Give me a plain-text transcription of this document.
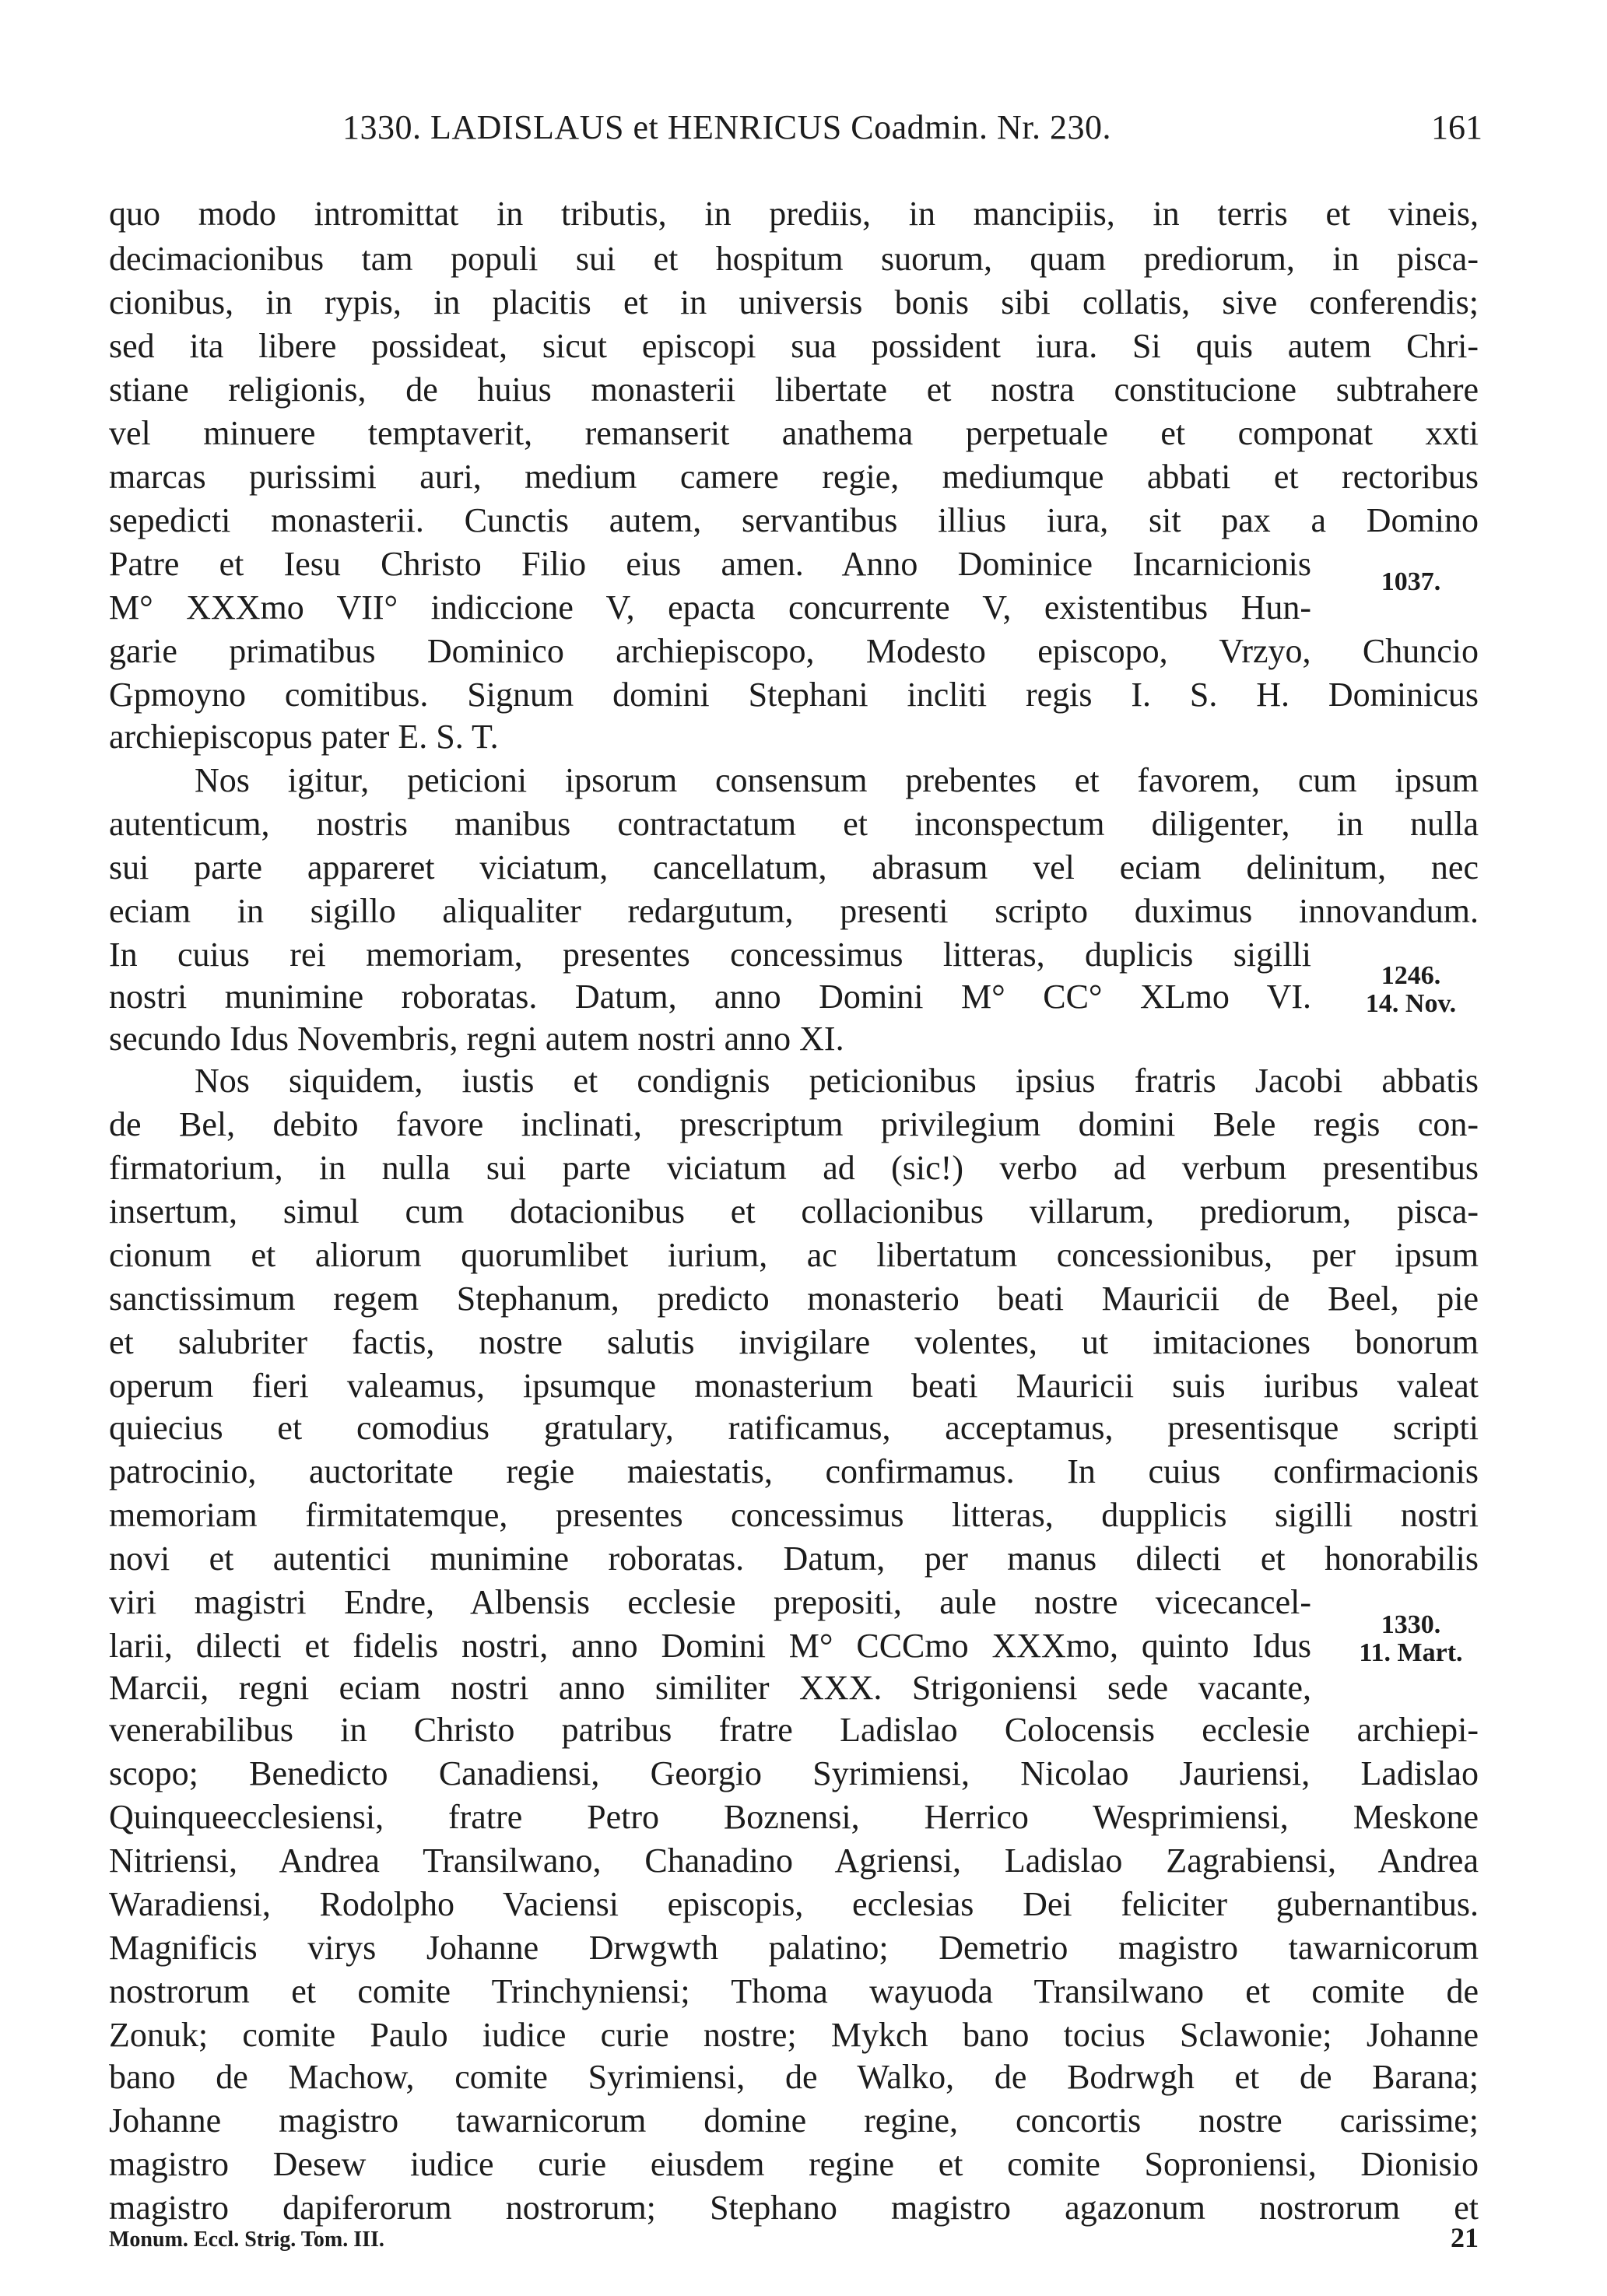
1330. LADISLAUS et HENRICUS Coadmin. Nr. 230.	161
quo modo intromittat in tributis, in prediis, in mancipiis, in terris et vineis,
decimacionibus tam populi sui et hospitum suorum, quam prediorum, in pisca-
cionibus, in rypis, in placitis et in universis bonis sibi collatis, sive conferendis;
sed ita libere possideat, sicut episcopi sua possident iura. Si quis autem Chri-
stiane religionis, de huius monasterii libertate et nostra constitucione subtrahere
vel minuere temptaverit, remanserit anathema perpetuale et componat xxti
marcas purissimi auri, medium camere regie, mediumque abbati et rectoribus
sepedicti monasterii. Cunctis autem, servantibus illius iura, sit pax a Domino
Patre et Iesu Christo Filio eius amen. Anno Dominice Incarnicionis
M° XXXmo VII° indiccione V, epacta concurrente V, existentibus Hun-
garie primatibus Dominico archiepiscopo, Modesto episcopo, Vrzyo, Chuncio
Gpmoyno comitibus. Signum domini Stephani incliti regis I. S. H. Dominicus
archiepiscopus pater E. S. T.
Nos igitur, peticioni ipsorum consensum prebentes et favorem, cum ipsum
autenticum, nostris manibus contractatum et inconspectum diligenter, in nulla
sui parte appareret viciatum, cancellatum, abrasum vel eciam delinitum, nec
eciam in sigillo aliqualiter redargutum, presenti scripto duximus innovandum.
In cuius rei memoriam, presentes concessimus litteras, duplicis sigilli
nostri munimine roboratas. Datum, anno Domini M° CC° XLmo VI.
secundo Idus Novembris, regni autem nostri anno XI.
Nos siquidem, iustis et condignis peticionibus ipsius fratris Jacobi abbatis
de Bel, debito favore inclinati, prescriptum privilegium domini Bele regis con-
firmatorium, in nulla sui parte viciatum ad (sic!) verbo ad verbum presentibus
insertum, simul cum dotacionibus et collacionibus villarum, prediorum, pisca-
cionum et aliorum quorumlibet iurium, ac libertatum concessionibus, per ipsum
sanctissimum regem Stephanum, predicto monasterio beati Mauricii de Beel, pie
et salubriter factis, nostre salutis invigilare volentes, ut imitaciones bonorum
operum fieri valeamus, ipsumque monasterium beati Mauricii suis iuribus valeat
quiecius et comodius gratulary, ratificamus, acceptamus, presentisque scripti
patrocinio, auctoritate regie maiestatis, confirmamus. In cuius confirmacionis
memoriam firmitatemque, presentes concessimus litteras, dupplicis sigilli nostri
novi et autentici munimine roboratas. Datum, per manus dilecti et honorabilis
viri magistri Endre, Albensis ecclesie prepositi, aule nostre vicecancel-
larii, dilecti et fidelis nostri, anno Domini M° CCCmo XXXmo, quinto Idus
Marcii, regni eciam nostri anno similiter XXX. Strigoniensi sede vacante,
venerabilibus in Christo patribus fratre Ladislao Colocensis ecclesie archiepi-
scopo; Benedicto Canadiensi, Georgio Syrimiensi, Nicolao Jauriensi, Ladislao
Quinqueecclesiensi, fratre Petro Boznensi, Herrico Wesprimiensi, Meskone
Nitriensi, Andrea Transilwano, Chanadino Agriensi, Ladislao Zagrabiensi, Andrea
Waradiensi, Rodolpho Vaciensi episcopis, ecclesias Dei feliciter gubernantibus.
Magnificis virys Johanne Drwgwth palatino; Demetrio magistro tawarnicorum
nostrorum et comite Trinchyniensi; Thoma wayuoda Transilwano et comite de
Zonuk; comite Paulo iudice curie nostre; Mykch bano tocius Sclawonie; Johanne
bano de Machow, comite Syrimiensi, de Walko, de Bodrwgh et de Barana;
Johanne magistro tawarnicorum domine regine, concortis nostre carissime;
magistro Desew iudice curie eiusdem regine et comite Soproniensi, Dionisio
magistro dapiferorum nostrorum; Stephano magistro agazonum nostrorum et
1037.
1246.
14. Nov.
1330.
11. Mart.
Monum. Eccl. Strig. Tom. III.	21
